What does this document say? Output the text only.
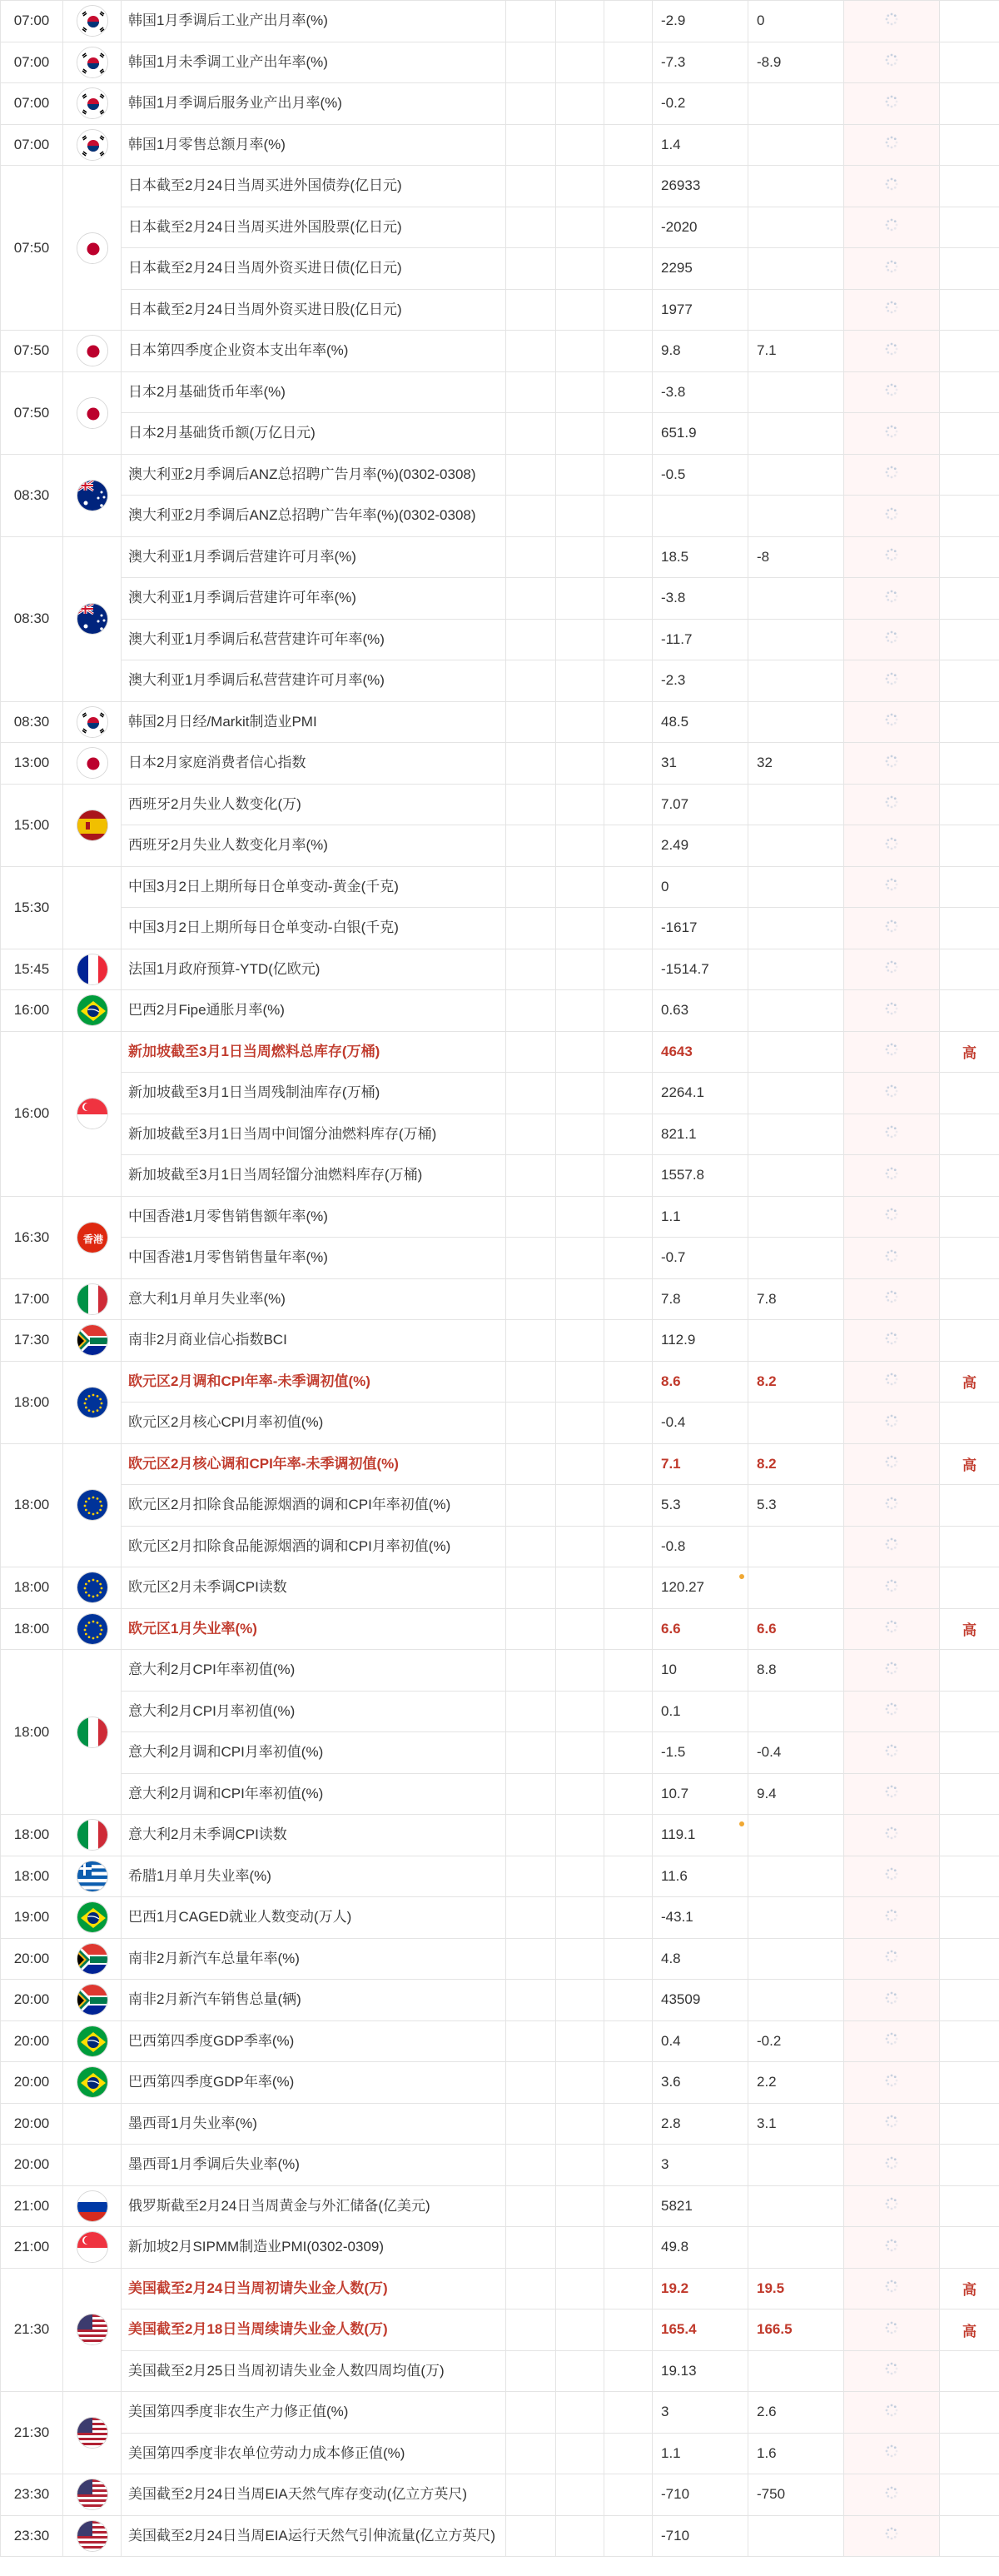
07:00		韩国1月季调后工业产出月率(%)				-2.9	0			
07:00		韩国1月未季调工业产出年率(%)				-7.3	-8.9			
07:00		韩国1月季调后服务业产出月率(%)				-0.2				
07:00		韩国1月零售总额月率(%)				1.4				
07:50		日本截至2月24日当周买进外国债券(亿日元)				26933				
		日本截至2月24日当周买进外国股票(亿日元)				-2020				
		日本截至2月24日当周外资买进日债(亿日元)				2295				
		日本截至2月24日当周外资买进日股(亿日元)				1977				
07:50		日本第四季度企业资本支出年率(%)				9.8	7.1			
07:50		日本2月基础货币年率(%)				-3.8				
		日本2月基础货币额(万亿日元)				651.9				
08:30		澳大利亚2月季调后ANZ总招聘广告月率(%)(0302-0308)				-0.5				
		澳大利亚2月季调后ANZ总招聘广告年率(%)(0302-0308)								
08:30		澳大利亚1月季调后营建许可月率(%)				18.5	-8			
		澳大利亚1月季调后营建许可年率(%)				-3.8				
		澳大利亚1月季调后私营营建许可年率(%)				-11.7				
		澳大利亚1月季调后私营营建许可月率(%)				-2.3				
08:30		韩国2月日经/Markit制造业PMI				48.5				
13:00		日本2月家庭消费者信心指数				31	32			
15:00		西班牙2月失业人数变化(万)				7.07				
		西班牙2月失业人数变化月率(%)				2.49				
15:30		中国3月2日上期所每日仓单变动-黄金(千克)				0				
		中国3月2日上期所每日仓单变动-白银(千克)				-1617				
15:45		法国1月政府预算-YTD(亿欧元)				-1514.7				
16:00		巴西2月Fipe通胀月率(%)				0.63				
16:00		新加坡截至3月1日当周燃料总库存(万桶)				4643			高	
		新加坡截至3月1日当周残制油库存(万桶)				2264.1				
		新加坡截至3月1日当周中间馏分油燃料库存(万桶)				821.1				
		新加坡截至3月1日当周轻馏分油燃料库存(万桶)				1557.8				
16:30	香港	中国香港1月零售销售额年率(%)				1.1				
		中国香港1月零售销售量年率(%)				-0.7				
17:00		意大利1月单月失业率(%)				7.8	7.8			
17:30		南非2月商业信心指数BCI				112.9				
18:00		欧元区2月调和CPI年率-未季调初值(%)				8.6	8.2		高	
		欧元区2月核心CPI月率初值(%)				-0.4				
18:00		欧元区2月核心调和CPI年率-未季调初值(%)				7.1	8.2		高	
		欧元区2月扣除食品能源烟酒的调和CPI年率初值(%)				5.3	5.3			
		欧元区2月扣除食品能源烟酒的调和CPI月率初值(%)				-0.8				
18:00		欧元区2月未季调CPI读数				120.27

18:00		欧元区1月失业率(%)				6.6	6.6		高	
18:00		意大利2月CPI年率初值(%)				10	8.8			
		意大利2月CPI月率初值(%)				0.1				
		意大利2月调和CPI月率初值(%)				-1.5	-0.4			
		意大利2月调和CPI年率初值(%)				10.7	9.4			
18:00		意大利2月未季调CPI读数				119.1

18:00		希腊1月单月失业率(%)				11.6				
19:00		巴西1月CAGED就业人数变动(万人)				-43.1				
20:00		南非2月新汽车总量年率(%)				4.8				
20:00		南非2月新汽车销售总量(辆)				43509				
20:00		巴西第四季度GDP季率(%)				0.4	-0.2			
20:00		巴西第四季度GDP年率(%)				3.6	2.2			
20:00		墨西哥1月失业率(%)				2.8	3.1			
20:00		墨西哥1月季调后失业率(%)				3				
21:00		俄罗斯截至2月24日当周黄金与外汇储备(亿美元)				5821				
21:00		新加坡2月SIPMM制造业PMI(0302-0309)				49.8				
21:30		美国截至2月24日当周初请失业金人数(万)				19.2	19.5		高	
		美国截至2月18日当周续请失业金人数(万)				165.4	166.5		高	
		美国截至2月25日当周初请失业金人数四周均值(万)				19.13				
21:30		美国第四季度非农生产力修正值(%)				3	2.6			
		美国第四季度非农单位劳动力成本修正值(%)				1.1	1.6			
23:30		美国截至2月24日当周EIA天然气库存变动(亿立方英尺)				-710	-750			
23:30		美国截至2月24日当周EIA运行天然气引伸流量(亿立方英尺)				-710				
